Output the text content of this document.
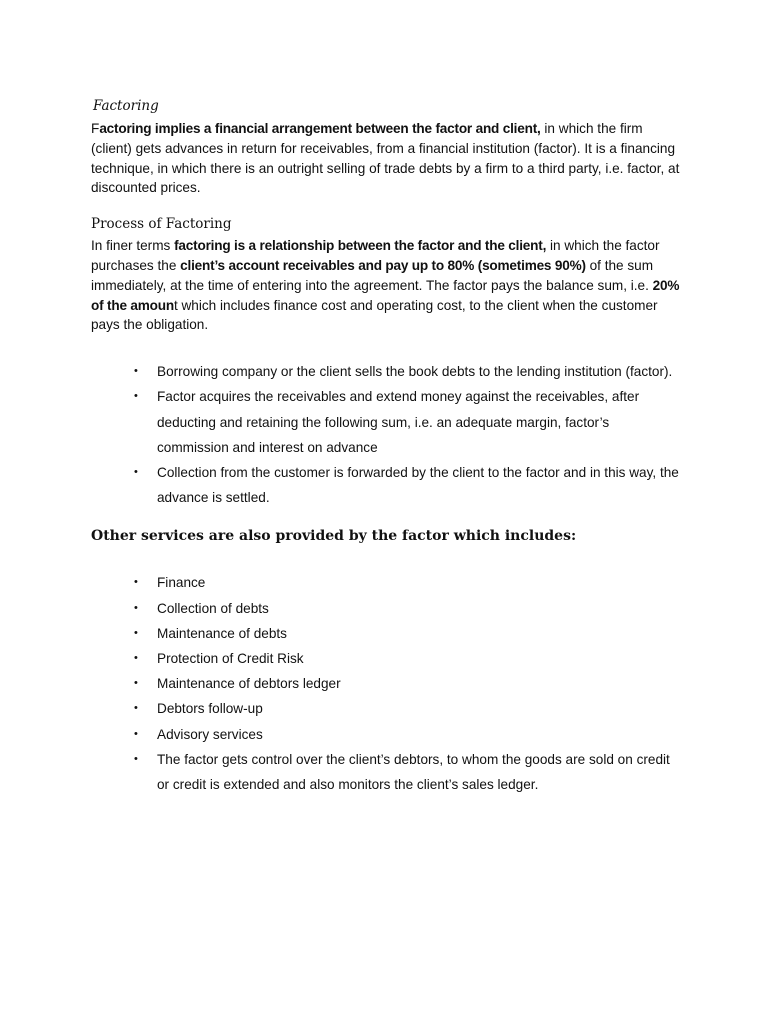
Factoring

Factoring implies a financial arrangement between the factor and client, in which the firm (client) gets advances in return for receivables, from a financial institution (factor). It is a financing technique, in which there is an outright selling of trade debts by a firm to a third party, i.e. factor, at discounted prices.

Process of Factoring

In finer terms factoring is a relationship between the factor and the client, in which the factor purchases the client’s account receivables and pay up to 80% (sometimes 90%) of the sum immediately, at the time of entering into the agreement. The factor pays the balance sum, i.e. 20% of the amount which includes finance cost and operating cost, to the client when the customer pays the obligation.

• Borrowing company or the client sells the book debts to the lending institution (factor).
• Factor acquires the receivables and extend money against the receivables, after deducting and retaining the following sum, i.e. an adequate margin, factor’s commission and interest on advance
• Collection from the customer is forwarded by the client to the factor and in this way, the advance is settled.
Other services are also provided by the factor which includes:
• Finance
• Collection of debts
• Maintenance of debts
• Protection of Credit Risk
• Maintenance of debtors ledger
• Debtors follow-up
• Advisory services
• The factor gets control over the client’s debtors, to whom the goods are sold on credit or credit is extended and also monitors the client’s sales ledger.
